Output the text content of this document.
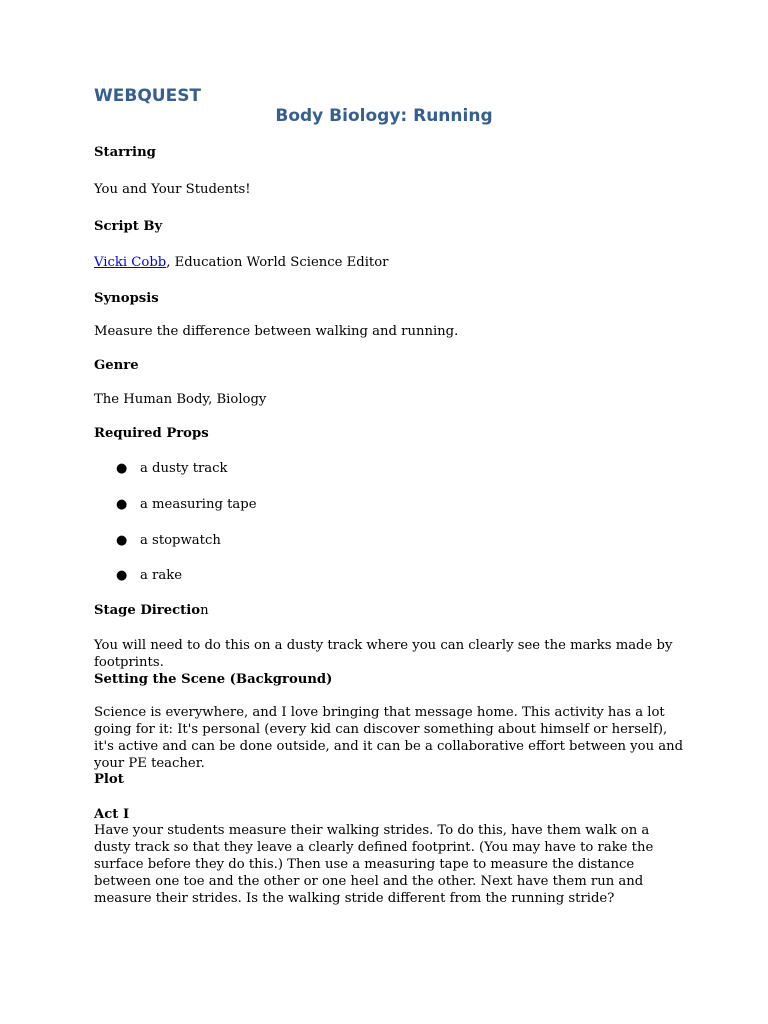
WEBQUEST
Body Biology: Running

Starring

You and Your Students!

Script By

Vicki Cobb, Education World Science Editor

Synopsis

Measure the difference between walking and running.

Genre

The Human Body, Biology

Required Props

● a dusty track
● a measuring tape
● a stopwatch
● a rake

Stage Direction

You will need to do this on a dusty track where you can clearly see the marks made by footprints.

Setting the Scene (Background)

Science is everywhere, and I love bringing that message home. This activity has a lot going for it: It's personal (every kid can discover something about himself or herself), it's active and can be done outside, and it can be a collaborative effort between you and your PE teacher.

Plot

Act I

Have your students measure their walking strides. To do this, have them walk on a dusty track so that they leave a clearly defined footprint. (You may have to rake the surface before they do this.) Then use a measuring tape to measure the distance between one toe and the other or one heel and the other. Next have them run and measure their strides. Is the walking stride different from the running stride?
